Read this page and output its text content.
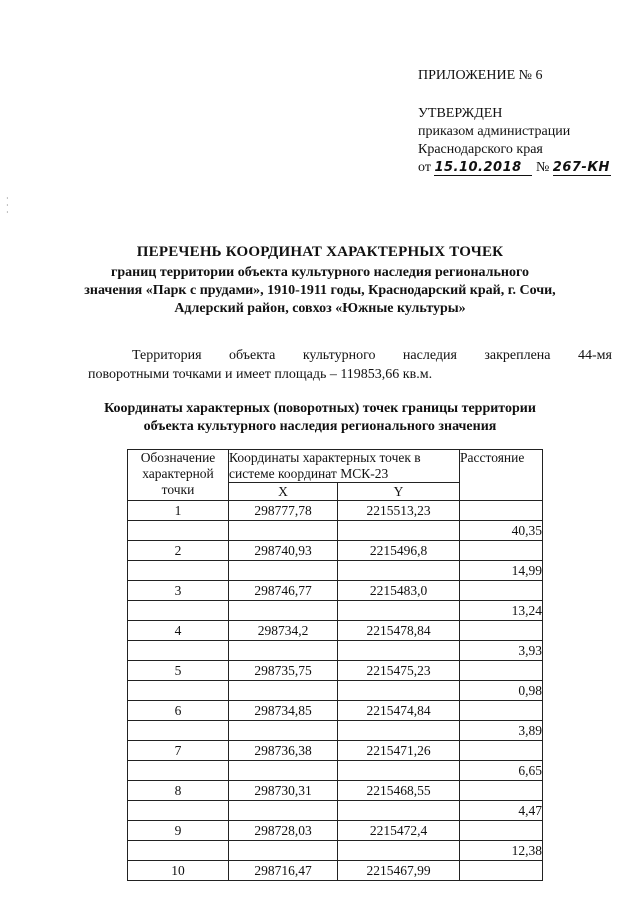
ПРИЛОЖЕНИЕ № 6
УТВЕРЖДЕН
приказом администрации
Краснодарского края
от 15.10.2018 № 267-КН
·
·
·
ПЕРЕЧЕНЬ КООРДИНАТ ХАРАКТЕРНЫХ ТОЧЕК
границ территории объекта культурного наследия регионального
значения «Парк с прудами», 1910-1911 годы, Краснодарский край, г. Сочи,
Адлерский район, совхоз «Южные культуры»
Территория объекта культурного наследия закреплена 44-мя
поворотными точками и имеет площадь – 119853,66 кв.м.
Координаты характерных (поворотных) точек границы территории
объекта культурного наследия регионального значения
Обозначение характерной точки	Координаты характерных точек в системе координат МСК-23		Расстояние
	X	Y	
1	298777,78	2215513,23	
			40,35
2	298740,93	2215496,8	
			14,99
3	298746,77	2215483,0	
			13,24
4	298734,2	2215478,84	
			3,93
5	298735,75	2215475,23	
			0,98
6	298734,85	2215474,84	
			3,89
7	298736,38	2215471,26	
			6,65
8	298730,31	2215468,55	
			4,47
9	298728,03	2215472,4	
			12,38
10	298716,47	2215467,99	
